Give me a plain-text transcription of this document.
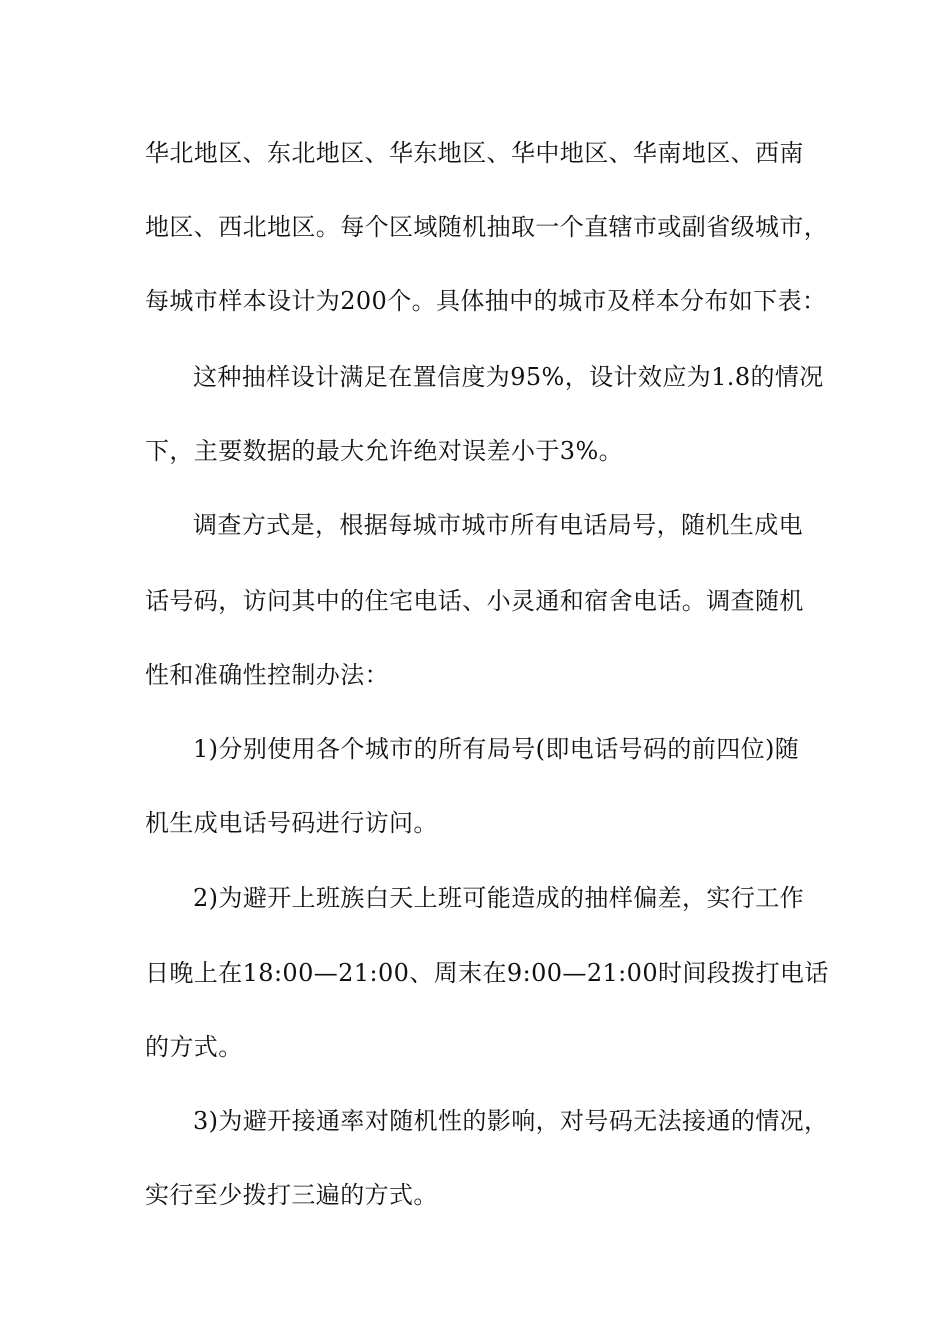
华北地区、东北地区、华东地区、华中地区、华南地区、西南
地区、西北地区。每个区域随机抽取一个直辖市或副省级城市，
每城市样本设计为200个。具体抽中的城市及样本分布如下表：
这种抽样设计满足在置信度为95%，设计效应为1.8的情况
下，主要数据的最大允许绝对误差小于3%。
调查方式是，根据每城市城市所有电话局号，随机生成电
话号码，访问其中的住宅电话、小灵通和宿舍电话。调查随机
性和准确性控制办法：
1)分别使用各个城市的所有局号(即电话号码的前四位)随
机生成电话号码进行访问。
2)为避开上班族白天上班可能造成的抽样偏差，实行工作
日晚上在18:00—21:00、周末在9:00—21:00时间段拨打电话
的方式。
3)为避开接通率对随机性的影响，对号码无法接通的情况，
实行至少拨打三遍的方式。
